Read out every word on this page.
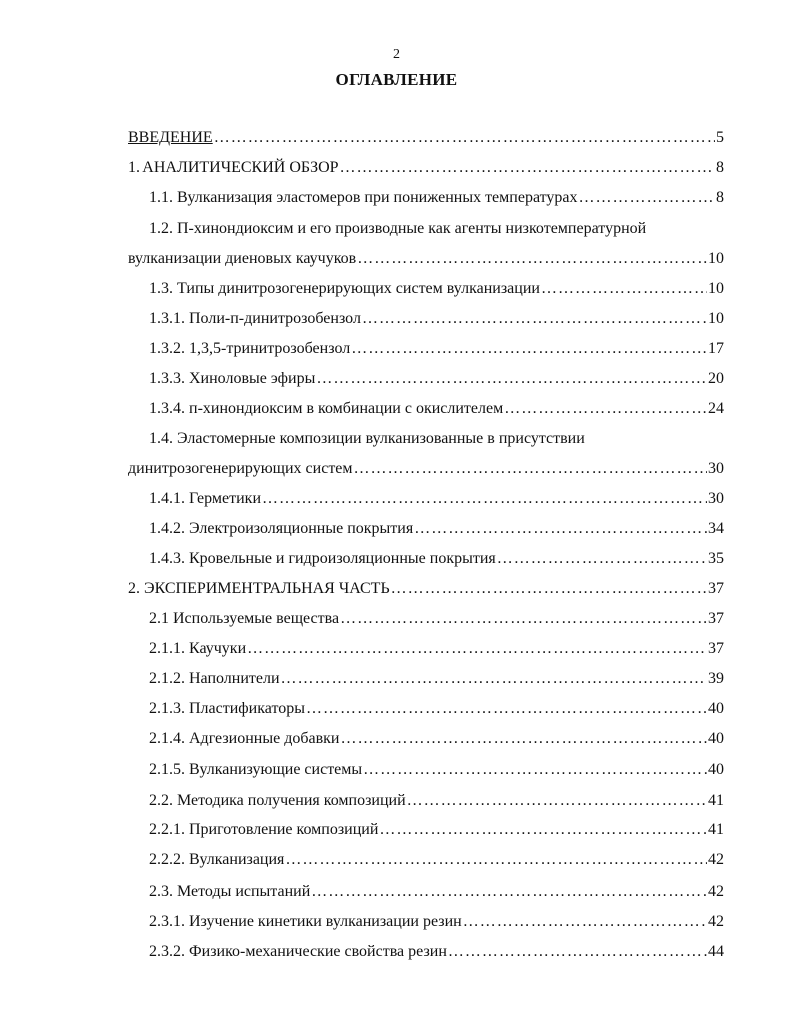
2
ОГЛАВЛЕНИЕ
ВВЕДЕНИЕ ……………………………………………………………………………………………………………………………………………………………………………………	5
1. АНАЛИТИЧЕСКИЙ ОБЗОР ……………………………………………………………………………………………………………………………………………………………………………………	8
1.1. Вулканизация эластомеров при пониженных температурах ……………………………………………………………………………………………………………………………………………………………………………………	8
1.2. П-хинондиоксим и его производные как агенты низкотемпературной
вулканизации диеновых каучуков ……………………………………………………………………………………………………………………………………………………………………………………	10
1.3. Типы динитрозогенерирующих систем вулканизации ……………………………………………………………………………………………………………………………………………………………………………………	10
1.3.1. Поли-п-динитрозобензол ……………………………………………………………………………………………………………………………………………………………………………………	10
1.3.2. 1,3,5-тринитрозобензол ……………………………………………………………………………………………………………………………………………………………………………………	17
1.3.3. Хиноловые эфиры ……………………………………………………………………………………………………………………………………………………………………………………	20
1.3.4. п-хинондиоксим в комбинации с окислителем ……………………………………………………………………………………………………………………………………………………………………………………	24
1.4. Эластомерные композиции вулканизованные в присутствии
динитрозогенерирующих систем ……………………………………………………………………………………………………………………………………………………………………………………	30
1.4.1. Герметики ……………………………………………………………………………………………………………………………………………………………………………………	30
1.4.2. Электроизоляционные покрытия ……………………………………………………………………………………………………………………………………………………………………………………	34
1.4.3. Кровельные и гидроизоляционные покрытия ……………………………………………………………………………………………………………………………………………………………………………………	35
2. ЭКСПЕРИМЕНТРАЛЬНАЯ ЧАСТЬ ……………………………………………………………………………………………………………………………………………………………………………………	37
2.1 Используемые вещества ……………………………………………………………………………………………………………………………………………………………………………………	37
2.1.1. Каучуки ……………………………………………………………………………………………………………………………………………………………………………………	37
2.1.2. Наполнители ……………………………………………………………………………………………………………………………………………………………………………………	39
2.1.3. Пластификаторы ……………………………………………………………………………………………………………………………………………………………………………………	40
2.1.4. Адгезионные добавки ……………………………………………………………………………………………………………………………………………………………………………………	40
2.1.5. Вулканизующие системы ……………………………………………………………………………………………………………………………………………………………………………………	40
2.2. Методика получения композиций ……………………………………………………………………………………………………………………………………………………………………………………	41
2.2.1. Приготовление композиций ……………………………………………………………………………………………………………………………………………………………………………………	41
2.2.2. Вулканизация ……………………………………………………………………………………………………………………………………………………………………………………	42
2.3. Методы испытаний ……………………………………………………………………………………………………………………………………………………………………………………	42
2.3.1. Изучение кинетики вулканизации резин ……………………………………………………………………………………………………………………………………………………………………………………	42
2.3.2. Физико-механические свойства резин ……………………………………………………………………………………………………………………………………………………………………………………	44
